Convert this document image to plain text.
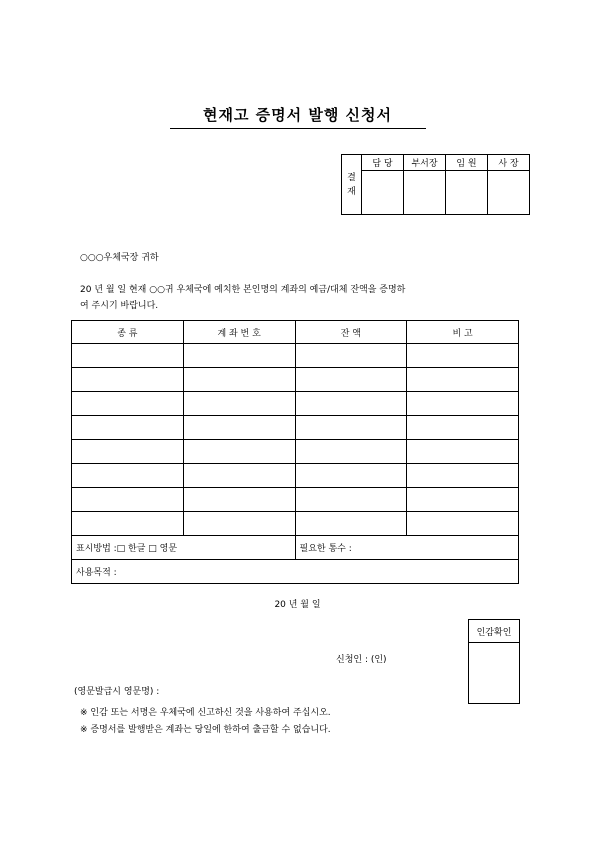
현재고 증명서 발행 신청서
결
재	담 당	부서장	임 원	사 장

○○○우체국장 귀하
20 년 월 일 현재 ○○귀 우체국에 예치한 본인명의 계좌의 예금/대체 잔액을 증명하
여 주시기 바랍니다.
종 류	계 좌 번 호	잔 액	비 고

표시방법 :□ 한글 □ 영문		필요한 통수 :	
사용목적 :			
20 년 월 일
인감확인

신청인 : (인)
(영문발급시 영문명) :
※ 인감 또는 서명은 우체국에 신고하신 것을 사용하여 주십시오.
※ 증명서를 발행받은 계좌는 당일에 한하여 출금할 수 없습니다.
